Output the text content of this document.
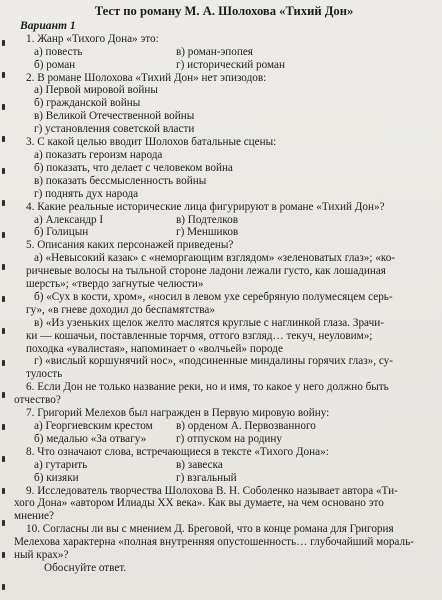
Тест по роману М. А. Шолохова «Тихий Дон»
Вариант 1
1. Жанр «Тихого Дона» это:
а) повесть	в) роман-эпопея
б) роман	г) исторический роман
2. В романе Шолохова «Тихий Дон» нет эпизодов:
а) Первой мировой войны
б) гражданской войны
в) Великой Отечественной войны
г) установления советской власти
3. С какой целью вводит Шолохов батальные сцены:
а) показать героизм народа
б) показать, что делает с человеком война
в) показать бессмысленность войны
г) поднять дух народа
4. Какие реальные исторические лица фигурируют в романе «Тихий Дон»?
а) Александр I	в) Подтелков
б) Голицын	г) Меншиков
5. Описания каких персонажей приведены?
а) «Невысокий казак» с «неморгающим взглядом» «зеленоватых глаз»; «ко-
ричневые волосы на тыльной стороне ладони лежали густо, как лошадиная
шерсть»; «твердо загнутые челюсти»
б) «Сух в кости, хром», «носил в левом ухе серебряную полумесяцем серь-
гу», «в гневе доходил до беспамятства»
в) «Из узеньких щелок желто маслятся круглые с наглинкой глаза. Зрачи-
ки — кошачьи, поставленные торчмя, оттого взгляд… текуч, неуловим»;
походка «увалистая», напоминает о «волчьей» породе
г) «вислый коршунячий нос», «подсиненные миндалины горячих глаз», су-
тулость
6. Если Дон не только название реки, но и имя, то какое у него должно быть
отчество?
7. Григорий Мелехов был награжден в Первую мировую войну:
а) Георгиевским крестом	в) орденом А. Первозванного
б) медалью «За отвагу»	г) отпуском на родину
8. Что означают слова, встречающиеся в тексте «Тихого Дона»:
а) гутарить	в) завеска
б) кизяки	г) взгальный
9. Исследователь творчества Шолохова В. Н. Соболенко называет автора «Ти-
хого Дона» «автором Илиады XX века». Как вы думаете, на чем основано это
мнение?
10. Согласны ли вы с мнением Д. Бреговой, что в конце романа для Григория
Мелехова характерна «полная внутренняя опустошенность… глубочайший мораль-
ный крах»?
Обоснуйте ответ.
